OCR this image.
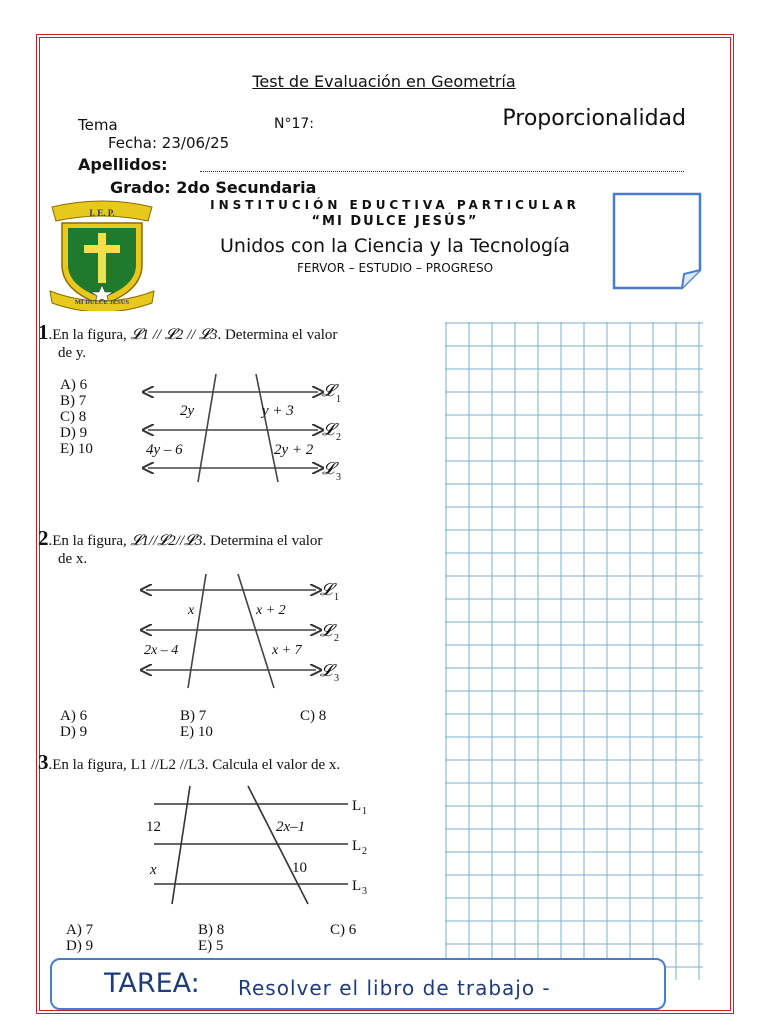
Test de Evaluación en Geometría
Tema	N°17:	Proporcionalidad
Fecha: 23/06/25
Apellidos:
Grado: 2do Secundaria
INSTITUCIÓN EDUCTIVA PARTICULAR
“MI DULCE JESÚS”
Unidos con la Ciencia y la Tecnología
FERVOR – ESTUDIO – PROGRESO
I. E. P.
MI DULCE JESÚS
1.En la figura, 𝓛1 // 𝓛2 // 𝓛3. Determina el valor
de y.
A) 6
B) 7
C) 8
D) 9
E) 10
𝓛 1
𝓛 2
𝓛 3
2y	y + 3
4y – 6	2y + 2
2.En la figura, 𝓛1//𝓛2//𝓛3. Determina el valor
de x.
𝓛 1
𝓛 2
𝓛 3
x	x + 2
2x – 4	x + 7
A) 6	B) 7	C) 8
D) 9	E) 10
3.En la figura, L1 //L2 //L3. Calcula el valor de x.
L 1
L 2
L 3
12	2x–1
x	10
A) 7	B) 8	C) 6
D) 9	E) 5
TAREA: Resolver el libro de trabajo -
